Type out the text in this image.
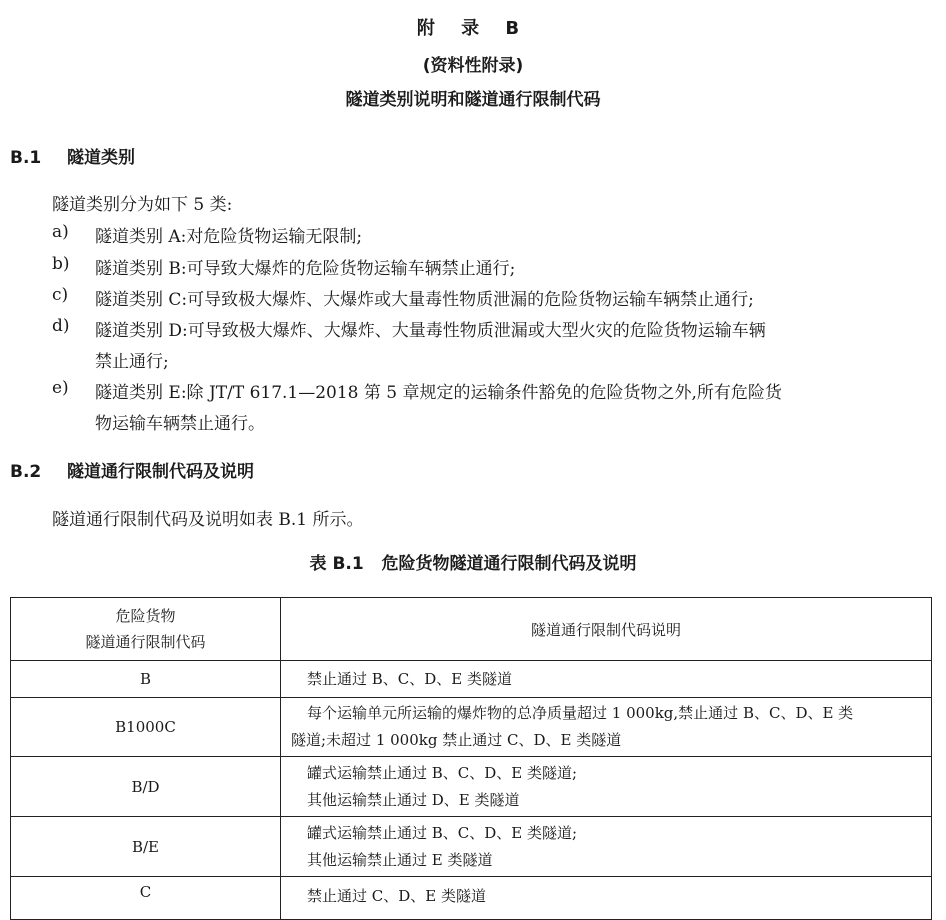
附 录 B
(资料性附录)
隧道类别说明和隧道通行限制代码
B.1 隧道类别
隧道类别分为如下 5 类:
a) 隧道类别 A:对危险货物运输无限制;
b) 隧道类别 B:可导致大爆炸的危险货物运输车辆禁止通行;
c) 隧道类别 C:可导致极大爆炸、大爆炸或大量毒性物质泄漏的危险货物运输车辆禁止通行;
d) 隧道类别 D:可导致极大爆炸、大爆炸、大量毒性物质泄漏或大型火灾的危险货物运输车辆
禁止通行;
e) 隧道类别 E:除 JT/T 617.1—2018 第 5 章规定的运输条件豁免的危险货物之外,所有危险货
物运输车辆禁止通行。
B.2 隧道通行限制代码及说明
隧道通行限制代码及说明如表 B.1 所示。
表 B.1   危险货物隧道通行限制代码及说明
危险货物
隧道通行限制代码	隧道通行限制代码说明
B	禁止通过 B、C、D、E 类隧道

B1000C	每个运输单元所运输的爆炸物的总净质量超过 1 000kg,禁止通过 B、C、D、E 类
隧道;未超过 1 000kg 禁止通过 C、D、E 类隧道

B/D	罐式运输禁止通过 B、C、D、E 类隧道;
其他运输禁止通过 D、E 类隧道

B/E	罐式运输禁止通过 B、C、D、E 类隧道;
其他运输禁止通过 E 类隧道

C	禁止通过 C、D、E 类隧道
